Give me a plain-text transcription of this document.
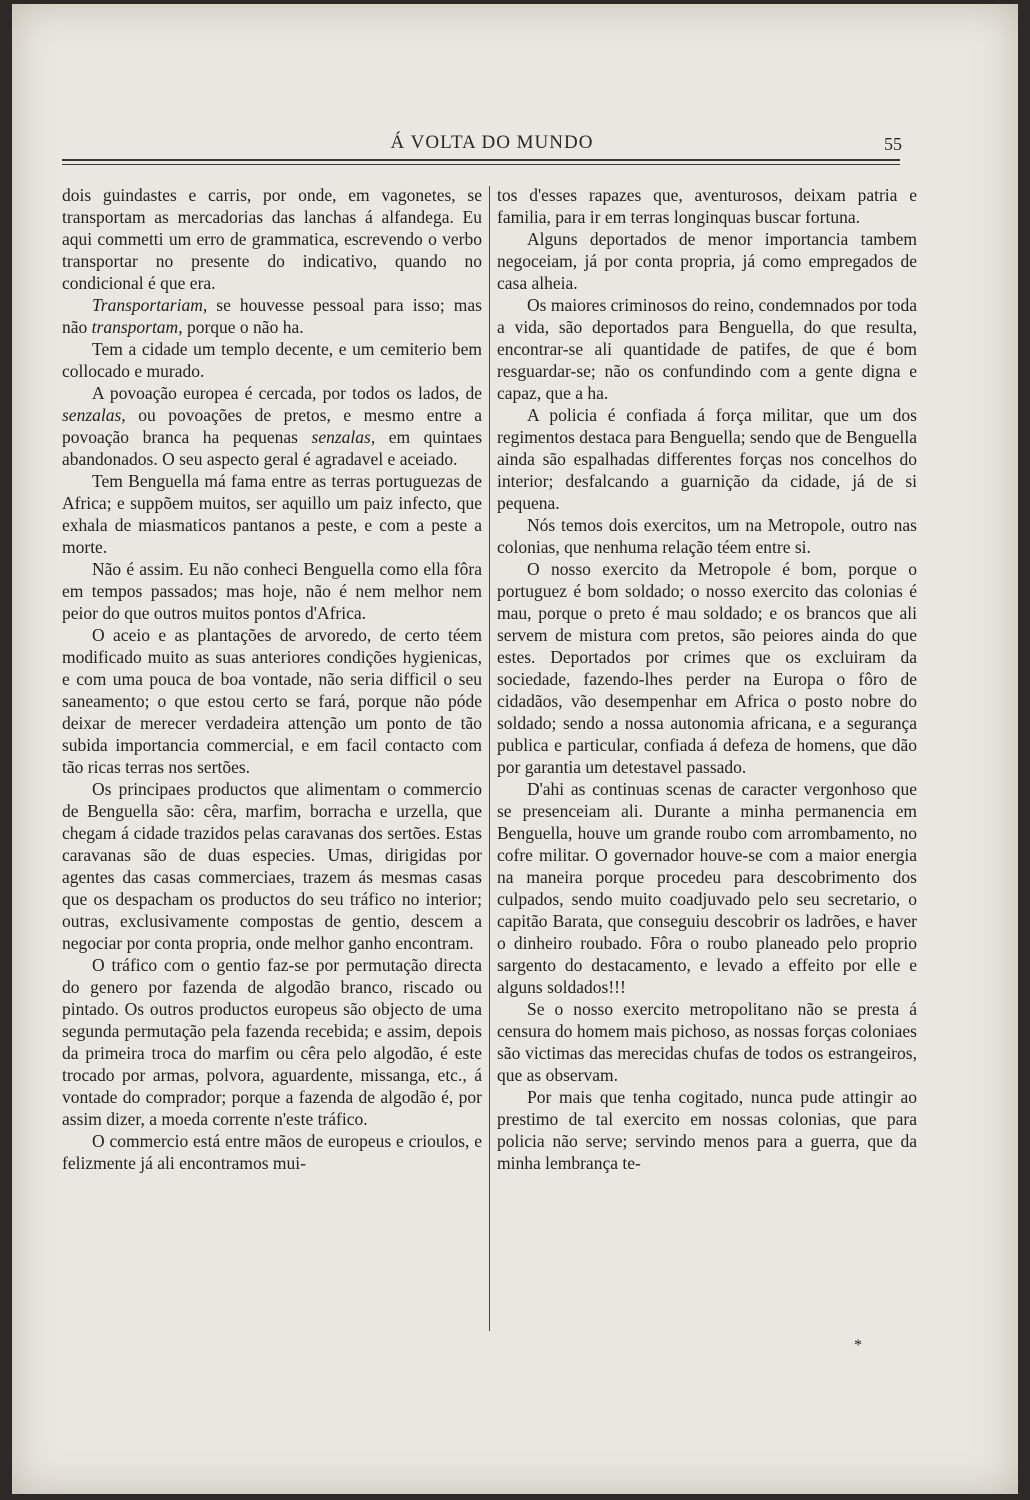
Á VOLTA DO MUNDO	55

dois guindastes e carris, por onde, em vagonetes, se transportam as mercadorias das lanchas á alfandega. Eu aqui commetti um erro de grammatica, escrevendo o verbo transportar no presente do indicativo, quando no condicional é que era.

Transportariam, se houvesse pessoal para isso; mas não transportam, porque o não ha.

Tem a cidade um templo decente, e um cemiterio bem collocado e murado.

A povoação europea é cercada, por todos os lados, de senzalas, ou povoações de pretos, e mesmo entre a povoação branca ha pequenas senzalas, em quintaes abandonados. O seu aspecto geral é agradavel e aceiado.

Tem Benguella má fama entre as terras portuguezas de Africa; e suppõem muitos, ser aquillo um paiz infecto, que exhala de miasmaticos pantanos a peste, e com a peste a morte.

Não é assim. Eu não conheci Benguella como ella fôra em tempos passados; mas hoje, não é nem melhor nem peior do que outros muitos pontos d'Africa.

O aceio e as plantações de arvoredo, de certo téem modificado muito as suas anteriores condições hygienicas, e com uma pouca de boa vontade, não seria difficil o seu saneamento; o que estou certo se fará, porque não póde deixar de merecer verdadeira attenção um ponto de tão subida importancia commercial, e em facil contacto com tão ricas terras nos sertões.

Os principaes productos que alimentam o commercio de Benguella são: cêra, marfim, borracha e urzella, que chegam á cidade trazidos pelas caravanas dos sertões. Estas caravanas são de duas especies. Umas, dirigidas por agentes das casas commerciaes, trazem ás mesmas casas que os despacham os productos do seu tráfico no interior; outras, exclusivamente compostas de gentio, descem a negociar por conta propria, onde melhor ganho encontram.

O tráfico com o gentio faz-se por permutação directa do genero por fazenda de algodão branco, riscado ou pintado. Os outros productos europeus são objecto de uma segunda permutação pela fazenda recebida; e assim, depois da primeira troca do marfim ou cêra pelo algodão, é este trocado por armas, polvora, aguardente, missanga, etc., á vontade do comprador; porque a fazenda de algodão é, por assim dizer, a moeda corrente n'este tráfico.

O commercio está entre mãos de europeus e crioulos, e felizmente já ali encontramos mui-

tos d'esses rapazes que, aventurosos, deixam patria e familia, para ir em terras longinquas buscar fortuna.

Alguns deportados de menor importancia tambem negoceiam, já por conta propria, já como empregados de casa alheia.

Os maiores criminosos do reino, condemnados por toda a vida, são deportados para Benguella, do que resulta, encontrar-se ali quantidade de patifes, de que é bom resguardar-se; não os confundindo com a gente digna e capaz, que a ha.

A policia é confiada á força militar, que um dos regimentos destaca para Benguella; sendo que de Benguella ainda são espalhadas differentes forças nos concelhos do interior; desfalcando a guarnição da cidade, já de si pequena.

Nós temos dois exercitos, um na Metropole, outro nas colonias, que nenhuma relação téem entre si.

O nosso exercito da Metropole é bom, porque o portuguez é bom soldado; o nosso exercito das colonias é mau, porque o preto é mau soldado; e os brancos que ali servem de mistura com pretos, são peiores ainda do que estes. Deportados por crimes que os excluiram da sociedade, fazendo-lhes perder na Europa o fôro de cidadãos, vão desempenhar em Africa o posto nobre do soldado; sendo a nossa autonomia africana, e a segurança publica e particular, confiada á defeza de homens, que dão por garantia um detestavel passado.

D'ahi as continuas scenas de caracter vergonhoso que se presenceiam ali. Durante a minha permanencia em Benguella, houve um grande roubo com arrombamento, no cofre militar. O governador houve-se com a maior energia na maneira porque procedeu para descobrimento dos culpados, sendo muito coadjuvado pelo seu secretario, o capitão Barata, que conseguiu descobrir os ladrões, e haver o dinheiro roubado. Fôra o roubo planeado pelo proprio sargento do destacamento, e levado a effeito por elle e alguns soldados!!!

Se o nosso exercito metropolitano não se presta á censura do homem mais pichoso, as nossas forças coloniaes são victimas das merecidas chufas de todos os estrangeiros, que as observam.

Por mais que tenha cogitado, nunca pude attingir ao prestimo de tal exercito em nossas colonias, que para policia não serve; servindo menos para a guerra, que da minha lembrança te-

*
